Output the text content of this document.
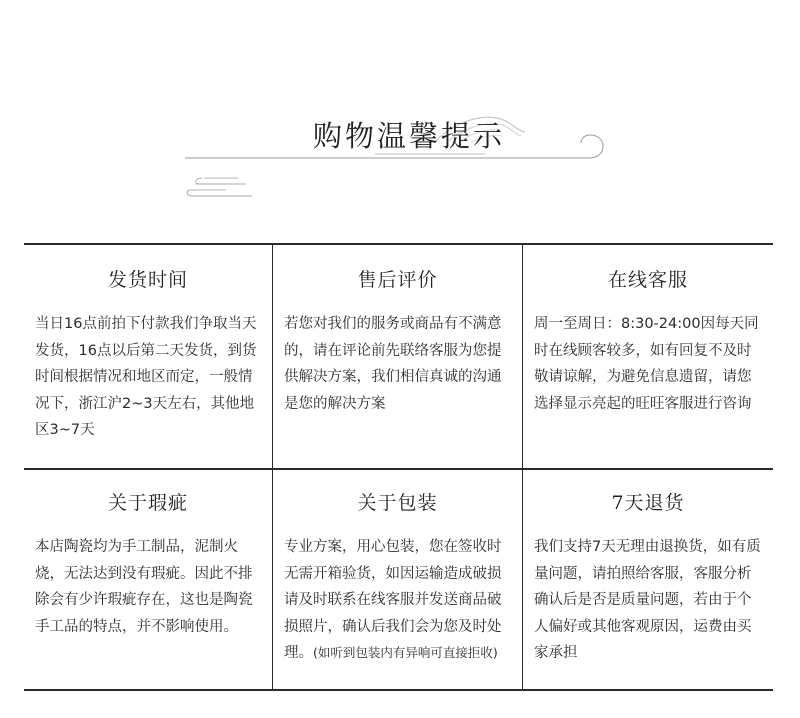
购物温馨提示
发货时间
当日16点前拍下付款我们争取当天发货，16点以后第二天发货，到货时间根据情况和地区而定，一般情况下，浙江沪2~3天左右，其他地区3~7天
售后评价
若您对我们的服务或商品有不满意的，请在评论前先联络客服为您提供解决方案，我们相信真诚的沟通是您的解决方案
在线客服
周一至周日：8:30-24:00因每天同时在线顾客较多，如有回复不及时敬请谅解，为避免信息遗留，请您选择显示亮起的旺旺客服进行咨询
关于瑕疵
本店陶瓷均为手工制品，泥制火烧，无法达到没有瑕疵。因此不排除会有少许瑕疵存在，这也是陶瓷手工品的特点，并不影响使用。
关于包装
专业方案，用心包装，您在签收时无需开箱验货，如因运输造成破损请及时联系在线客服并发送商品破损照片，确认后我们会为您及时处理。(如听到包装内有异响可直接拒收)
7天退货
我们支持7天无理由退换货，如有质量问题，请拍照给客服，客服分析确认后是否是质量问题，若由于个人偏好或其他客观原因，运费由买家承担
